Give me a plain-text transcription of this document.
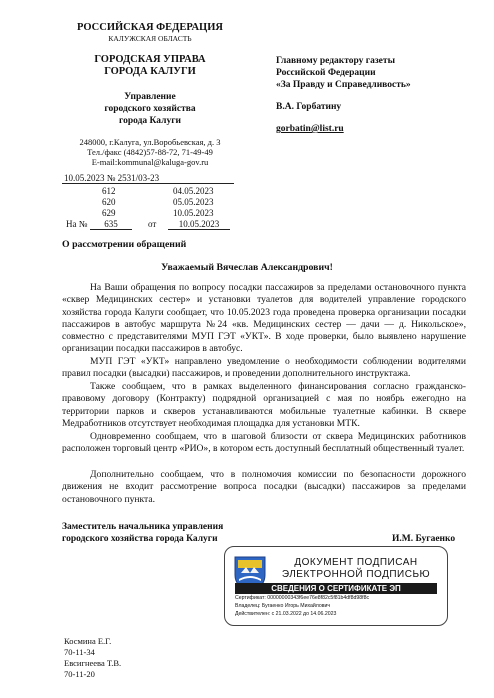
РОССИЙСКАЯ ФЕДЕРАЦИЯ
КАЛУЖСКАЯ ОБЛАСТЬ
ГОРОДСКАЯ УПРАВА
ГОРОДА КАЛУГИ
Управление
городского хозяйства
города Калуги
248000, г.Калуга, ул.Воробьевская, д. 3
Тел./факс (4842)57-88-72, 71-49-49
E-mail:kommunal@kaluga-gov.ru
10.05.2023 № 2531/03-23
612	04.05.2023
620	05.05.2023
629	10.05.2023
На №	635	от	10.05.2023
Главному редактору газеты
Российской Федерации
«За Правду и Справедливость»
В.А. Горбатину
gorbatin@list.ru
О рассмотрении обращений
Уважаемый Вячеслав Александрович!
На Ваши обращения по вопросу посадки пассажиров за пределами остановочного пункта «сквер Медицинских сестер» и установки туалетов для водителей управление городского хозяйства города Калуги сообщает, что 10.05.2023 года проведена проверка организации посадки пассажиров в автобус маршрута №24 «кв. Медицинских сестер — дачи — д. Никольское», совместно с представителями МУП ГЭТ «УКТ». В ходе проверки, было выявлено нарушение организации посадки пассажиров в автобус.
МУП ГЭТ «УКТ» направлено уведомление о необходимости соблюдении водителями правил посадки (высадки) пассажиров, и проведении дополнительного инструктажа.
Также сообщаем, что в рамках выделенного финансирования согласно гражданско-правовому договору (Контракту) подрядной организацией с мая по ноябрь ежегодно на территории парков и скверов устанавливаются мобильные туалетные кабинки. В сквере Медработников отсутствует необходимая площадка для установки МТК.
Одновременно сообщаем, что в шаговой близости от сквера Медицинских работников расположен торговый центр «РИО», в котором есть доступный бесплатный общественный туалет.
Дополнительно сообщаем, что в полномочия комиссии по безопасности дорожного движения не входит рассмотрение вопроса посадки (высадки) пассажиров за пределами остановочного пункта.
Заместитель начальника управления
городского хозяйства города Калуги	И.М. Бугаенко
ДОКУМЕНТ ПОДПИСАН
ЭЛЕКТРОННОЙ ПОДПИСЬЮ
СВЕДЕНИЯ О СЕРТИФИКАТЕ ЭП
Сертификат: 00000000343f6ee76e8f82c5f81b4df8d98f8c
Владелец: Бугаенко Игорь Михайлович
Действителен: с 21.03.2022 до 14.06.2023
Космина Е.Г.
70-11-34
Евсигнеева Т.В.
70-11-20
